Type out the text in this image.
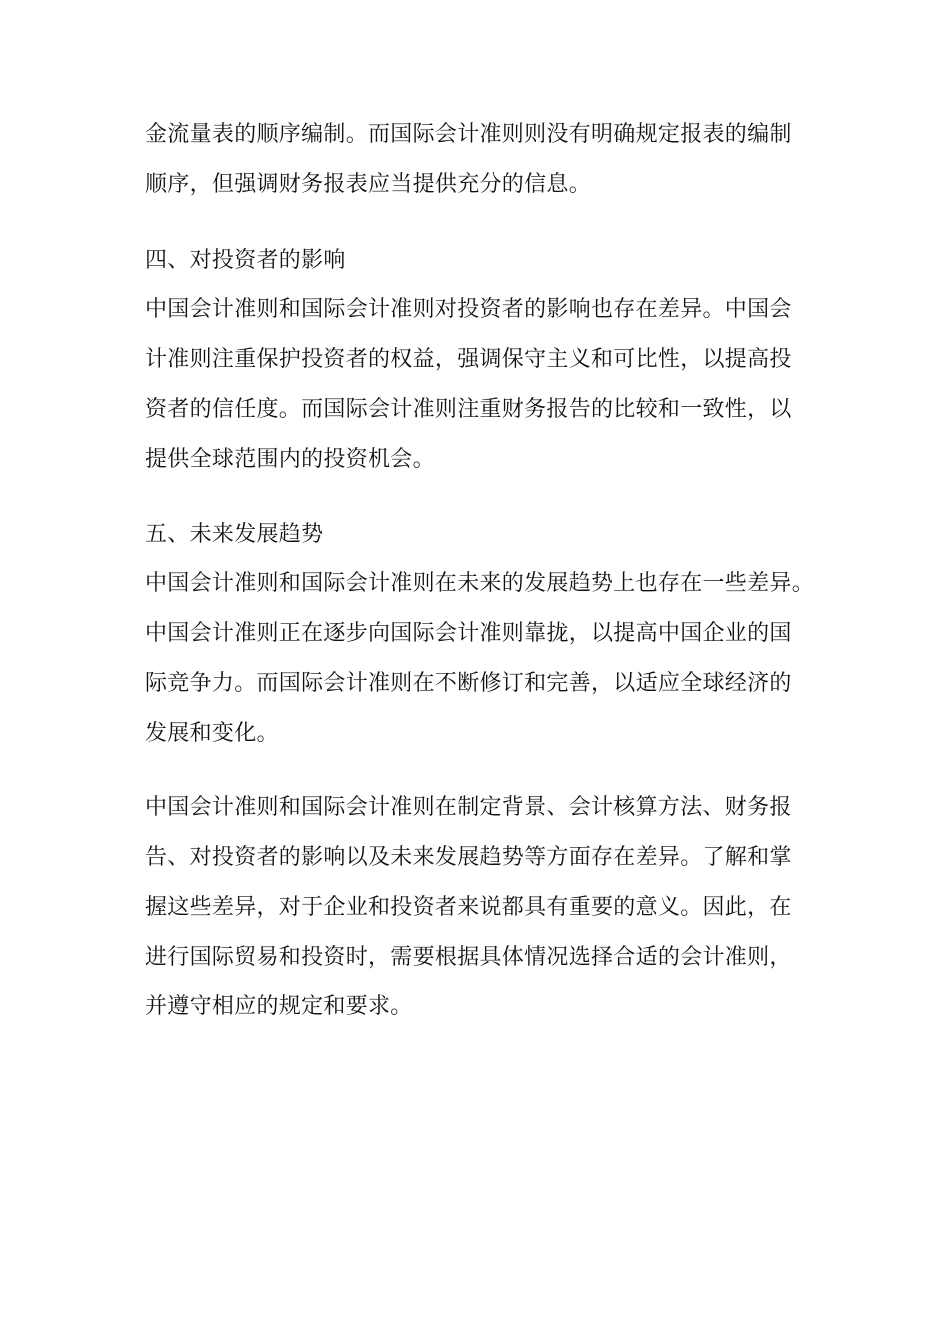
金流量表的顺序编制。而国际会计准则则没有明确规定报表的编制
顺序，但强调财务报表应当提供充分的信息。
四、对投资者的影响
中国会计准则和国际会计准则对投资者的影响也存在差异。中国会
计准则注重保护投资者的权益，强调保守主义和可比性，以提高投
资者的信任度。而国际会计准则注重财务报告的比较和一致性，以
提供全球范围内的投资机会。
五、未来发展趋势
中国会计准则和国际会计准则在未来的发展趋势上也存在一些差异。
中国会计准则正在逐步向国际会计准则靠拢，以提高中国企业的国
际竞争力。而国际会计准则在不断修订和完善，以适应全球经济的
发展和变化。
中国会计准则和国际会计准则在制定背景、会计核算方法、财务报
告、对投资者的影响以及未来发展趋势等方面存在差异。了解和掌
握这些差异，对于企业和投资者来说都具有重要的意义。因此，在
进行国际贸易和投资时，需要根据具体情况选择合适的会计准则，
并遵守相应的规定和要求。
